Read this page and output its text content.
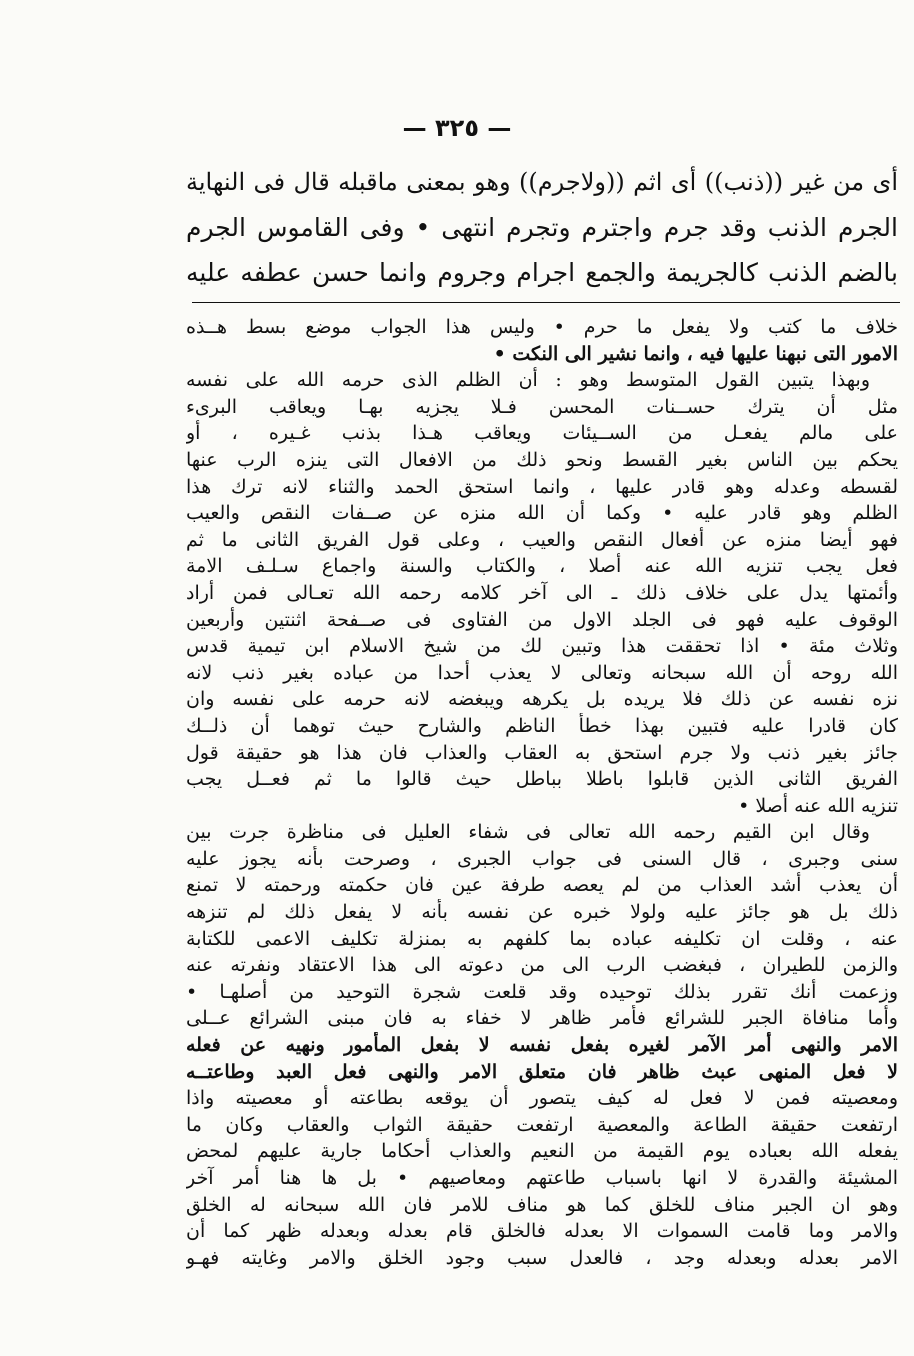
— ٣٢٥ —
أى من غير ((ذنب)) أى اثم ((ولاجرم)) وهو بمعنى ماقبله قال فى النهاية
الجرم الذنب وقد جرم واجترم وتجرم انتهى • وفى القاموس الجرم
بالضم الذنب كالجريمة والجمع اجرام وجروم وانما حسن عطفه عليه
خلاف ما كتب ولا يفعل ما حرم • وليس هذا الجواب موضع بسط هــذه
الامور التى نبهنا عليها فيه ، وانما نشير الى النكت •
وبهذا يتبين القول المتوسط وهو : أن الظلم الذى حرمه الله على نفسه
مثل أن يترك حســنات المحسن فـلا يجزيه بهـا ويعاقب البرىء
على مالم يفعـل من الســيئات ويعاقب هـذا بذنب غـيره ، أو
يحكم بين الناس بغير القسط ونحو ذلك من الافعال التى ينزه الرب عنها
لقسطه وعدله وهو قادر عليها ، وانما استحق الحمد والثناء لانه ترك هذا
الظلم وهو قادر عليه • وكما أن الله منزه عن صــفات النقص والعيب
فهو أيضا منزه عن أفعال النقص والعيب ، وعلى قول الفريق الثانى ما ثم
فعل يجب تنزيه الله عنه أصلا ، والكتاب والسنة واجماع سـلـف الامة
وأئمتها يدل على خلاف ذلك ـ الى آخر كلامه رحمه الله تعـالى فمن أراد
الوقوف عليه فهو فى الجلد الاول من الفتاوى فى صــفحة اثنتين وأربعين
وثلاث مئة • اذا تحققت هذا وتبين لك من شيخ الاسلام ابن تيمية قدس
الله روحه أن الله سبحانه وتعالى لا يعذب أحدا من عباده بغير ذنب لانه
نزه نفسه عن ذلك فلا يريده بل يكرهه ويبغضه لانه حرمه على نفسه وان
كان قادرا عليه فتبين بهذا خطأ الناظم والشارح حيث توهما أن ذلــك
جائز بغير ذنب ولا جرم استحق به العقاب والعذاب فان هذا هو حقيقة قول
الفريق الثانى الذين قابلوا باطلا بباطل حيث قالوا ما ثم فعــل يجب
تنزيه الله عنه أصلا •
وقال ابن القيم رحمه الله تعالى فى شفاء العليل فى مناظرة جرت بين
سنى وجبرى ، قال السنى فى جواب الجبرى ، وصرحت بأنه يجوز عليه
أن يعذب أشد العذاب من لم يعصه طرفة عين فان حكمته ورحمته لا تمنع
ذلك بل هو جائز عليه ولولا خبره عن نفسه بأنه لا يفعل ذلك لم تنزهه
عنه ، وقلت ان تكليفه عباده بما كلفهم به بمنزلة تكليف الاعمى للكتابة
والزمن للطيران ، فبغضب الرب الى من دعوته الى هذا الاعتقاد ونفرته عنه
وزعمت أنك تقرر بذلك توحيده وقد قلعت شجرة التوحيد من أصلهـا •
وأما منافاة الجبر للشرائع فأمر ظاهر لا خفاء به فان مبنى الشرائع عــلى
الامر والنهى أمر الآمر لغيره بفعل نفسه لا بفعل المأمور ونهيه عن فعله
لا فعل المنهى عبث ظاهر فان متعلق الامر والنهى فعل العبد وطاعتــه
ومعصيته فمن لا فعل له كيف يتصور أن يوقعه بطاعته أو معصيته واذا
ارتفعت حقيقة الطاعة والمعصية ارتفعت حقيقة الثواب والعقاب وكان ما
يفعله الله بعباده يوم القيمة من النعيم والعذاب أحكاما جارية عليهم لمحض
المشيئة والقدرة لا انها باسباب طاعتهم ومعاصيهم • بل ها هنا أمر آخر
وهو ان الجبر مناف للخلق كما هو مناف للامر فان الله سبحانه له الخلق
والامر وما قامت السموات الا بعدله فالخلق قام بعدله وبعدله ظهر كما أن
الامر بعدله وبعدله وجد ، فالعدل سبب وجود الخلق والامر وغايته فهـو
